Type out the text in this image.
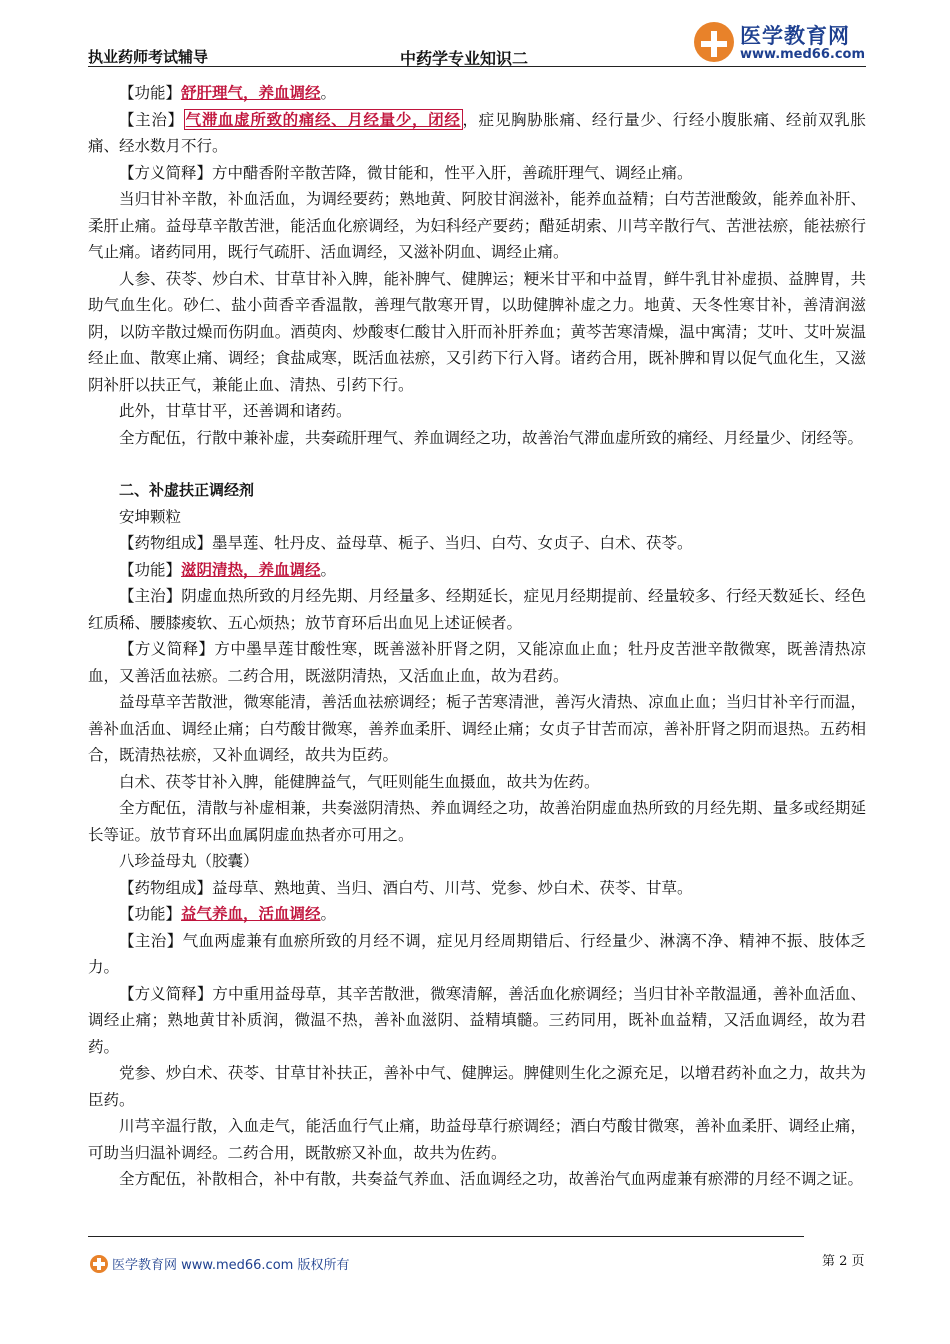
执业药师考试辅导	中药学专业知识二
医学教育网
www.med66.com

【功能】舒肝理气，养血调经。

【主治】 气滞血虚所致的痛经、月经量少，闭经 ，症见胸胁胀痛、经行量少、行经小腹胀痛、经前双乳胀痛、经水数月不行。

【方义简释】方中醋香附辛散苦降，微甘能和，性平入肝，善疏肝理气、调经止痛。

当归甘补辛散，补血活血，为调经要药；熟地黄、阿胶甘润滋补，能养血益精；白芍苦泄酸敛，能养血补肝、柔肝止痛。益母草辛散苦泄，能活血化瘀调经，为妇科经产要药；醋延胡索、川芎辛散行气、苦泄祛瘀，能祛瘀行气止痛。诸药同用，既行气疏肝、活血调经，又滋补阴血、调经止痛。

人参、茯苓、炒白术、甘草甘补入脾，能补脾气、健脾运；粳米甘平和中益胃，鲜牛乳甘补虚损、益脾胃，共助气血生化。砂仁、盐小茴香辛香温散，善理气散寒开胃，以助健脾补虚之力。地黄、天冬性寒甘补，善清润滋阴，以防辛散过燥而伤阴血。酒萸肉、炒酸枣仁酸甘入肝而补肝养血；黄芩苦寒清燥，温中寓清；艾叶、艾叶炭温经止血、散寒止痛、调经；食盐咸寒，既活血祛瘀，又引药下行入肾。诸药合用，既补脾和胃以促气血化生，又滋阴补肝以扶正气，兼能止血、清热、引药下行。

此外，甘草甘平，还善调和诸药。

全方配伍，行散中兼补虚，共奏疏肝理气、养血调经之功，故善治气滞血虚所致的痛经、月经量少、闭经等。

二、补虚扶正调经剂

安坤颗粒

【药物组成】墨旱莲、牡丹皮、益母草、栀子、当归、白芍、女贞子、白术、茯苓。

【功能】滋阴清热，养血调经。

【主治】阴虚血热所致的月经先期、月经量多、经期延长，症见月经期提前、经量较多、行经天数延长、经色红质稀、腰膝痠软、五心烦热；放节育环后出血见上述证候者。

【方义简释】方中墨旱莲甘酸性寒，既善滋补肝肾之阴，又能凉血止血；牡丹皮苦泄辛散微寒，既善清热凉血，又善活血祛瘀。二药合用，既滋阴清热，又活血止血，故为君药。

益母草辛苦散泄，微寒能清，善活血祛瘀调经；栀子苦寒清泄，善泻火清热、凉血止血；当归甘补辛行而温，善补血活血、调经止痛；白芍酸甘微寒，善养血柔肝、调经止痛；女贞子甘苦而凉，善补肝肾之阴而退热。五药相合，既清热祛瘀，又补血调经，故共为臣药。

白术、茯苓甘补入脾，能健脾益气，气旺则能生血摄血，故共为佐药。

全方配伍，清散与补虚相兼，共奏滋阴清热、养血调经之功，故善治阴虚血热所致的月经先期、量多或经期延长等证。放节育环出血属阴虚血热者亦可用之。

八珍益母丸（胶囊）

【药物组成】益母草、熟地黄、当归、酒白芍、川芎、党参、炒白术、茯苓、甘草。

【功能】益气养血，活血调经。

【主治】气血两虚兼有血瘀所致的月经不调，症见月经周期错后、行经量少、淋漓不净、精神不振、肢体乏力。

【方义简释】方中重用益母草，其辛苦散泄，微寒清解，善活血化瘀调经；当归甘补辛散温通，善补血活血、调经止痛；熟地黄甘补质润，微温不热，善补血滋阴、益精填髓。三药同用，既补血益精，又活血调经，故为君药。

党参、炒白术、茯苓、甘草甘补扶正，善补中气、健脾运。脾健则生化之源充足，以增君药补血之力，故共为臣药。

川芎辛温行散，入血走气，能活血行气止痛，助益母草行瘀调经；酒白芍酸甘微寒，善补血柔肝、调经止痛，可助当归温补调经。二药合用，既散瘀又补血，故共为佐药。

全方配伍，补散相合，补中有散，共奏益气养血、活血调经之功，故善治气血两虚兼有瘀滞的月经不调之证。

医学教育网 www.med66.com 版权所有	第 2 页
